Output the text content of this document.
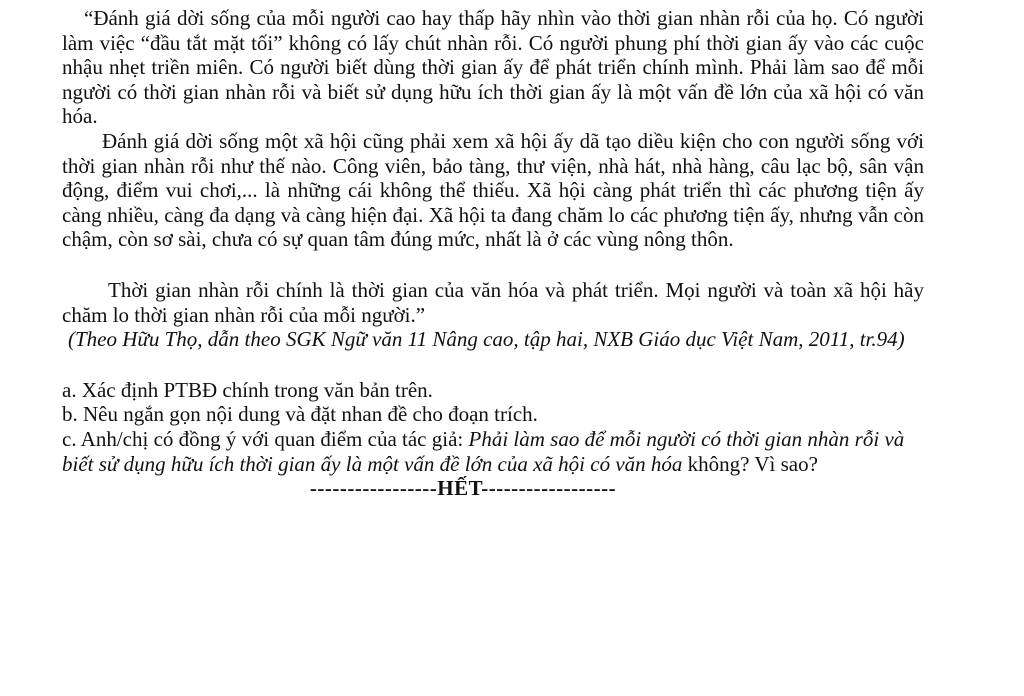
“Đánh giá dời sống của mỗi người cao hay thấp hãy nhìn vào thời gian nhàn rỗi của họ. Có người làm việc “đầu tắt mặt tối” không có lấy chút nhàn rỗi. Có người phung phí thời gian ấy vào các cuộc nhậu nhẹt triền miên. Có người biết dùng thời gian ấy để phát triển chính mình. Phải làm sao để mỗi người có thời gian nhàn rỗi và biết sử dụng hữu ích thời gian ấy là một vấn đề lớn của xã hội có văn hóa.

Đánh giá dời sống một xã hội cũng phải xem xã hội ấy dã tạo diều kiện cho con người sống với thời gian nhàn rỗi như thế nào. Công viên, bảo tàng, thư viện, nhà hát, nhà hàng, câu lạc bộ, sân vận động, điểm vui chơi,... là những cái không thể thiếu. Xã hội càng phát triển thì các phương tiện ấy càng nhiều, càng đa dạng và càng hiện đại. Xã hội ta đang chăm lo các phương tiện ấy, nhưng vẫn còn chậm, còn sơ sài, chưa có sự quan tâm đúng mức, nhất là ở các vùng nông thôn.

Thời gian nhàn rỗi chính là thời gian của văn hóa và phát triển. Mọi người và toàn xã hội hãy chăm lo thời gian nhàn rỗi của mỗi người.”

(Theo Hữu Thọ, dẫn theo SGK Ngữ văn 11 Nâng cao, tập hai, NXB Giáo dục Việt Nam, 2011, tr.94)

a. Xác định PTBĐ chính trong văn bản trên.

b. Nêu ngắn gọn nội dung và đặt nhan đề cho đoạn trích.

c. Anh/chị có đồng ý với quan điểm của tác giả: Phải làm sao để mỗi người có thời gian nhàn rỗi và biết sử dụng hữu ích thời gian ấy là một vấn đề lớn của xã hội có văn hóa không? Vì sao?

-----------------HẾT------------------
